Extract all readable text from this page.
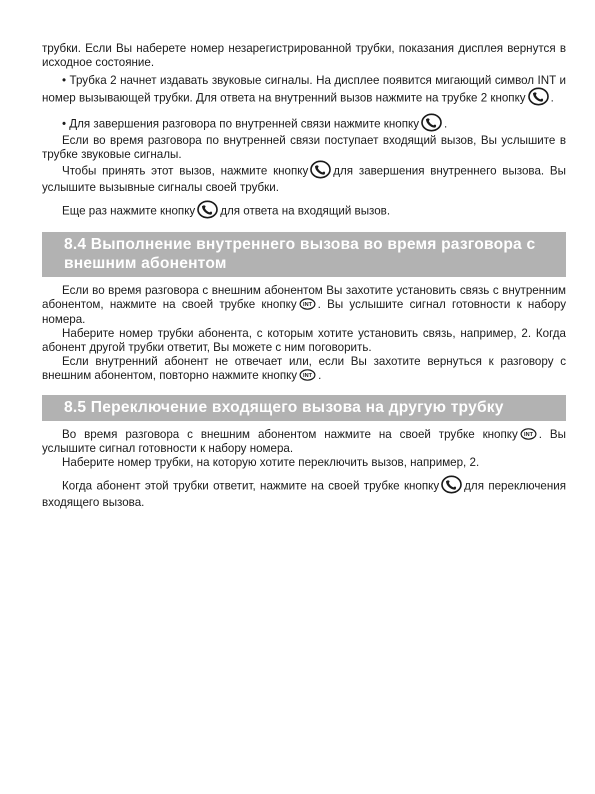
трубки. Если Вы наберете номер незарегистрированной трубки, показания дисплея вернутся в исходное состояние.

• Трубка 2 начнет издавать звуковые сигналы. На дисплее появится мигающий символ INT и номер вызывающей трубки. Для ответа на внутренний вызов нажмите на трубке 2 кнопку .

• Для завершения разговора по внутренней связи нажмите кнопку .

Если во время разговора по внутренней связи поступает входящий вызов, Вы услышите в трубке звуковые сигналы.

Чтобы принять этот вызов, нажмите кнопку для завершения внутреннего вызова. Вы услышите вызывные сигналы своей трубки.

Еще раз нажмите кнопку для ответа на входящий вызов.

8.4 Выполнение внутреннего вызова во время разговора с внешним абонентом

Если во время разговора с внешним абонентом Вы захотите установить связь с внутренним абонентом, нажмите на своей трубке кнопку . Вы услышите сигнал готовности к набору номера.

Наберите номер трубки абонента, с которым хотите установить связь, например, 2. Когда абонент другой трубки ответит, Вы можете с ним поговорить.

Если внутренний абонент не отвечает или, если Вы захотите вернуться к разговору с внешним абонентом, повторно нажмите кнопку .

8.5 Переключение входящего вызова на другую трубку

Во время разговора с внешним абонентом нажмите на своей трубке кнопку . Вы услышите сигнал готовности к набору номера.

Наберите номер трубки, на которую хотите переключить вызов, например, 2.

Когда абонент этой трубки ответит, нажмите на своей трубке кнопку для переключения входящего вызова.
